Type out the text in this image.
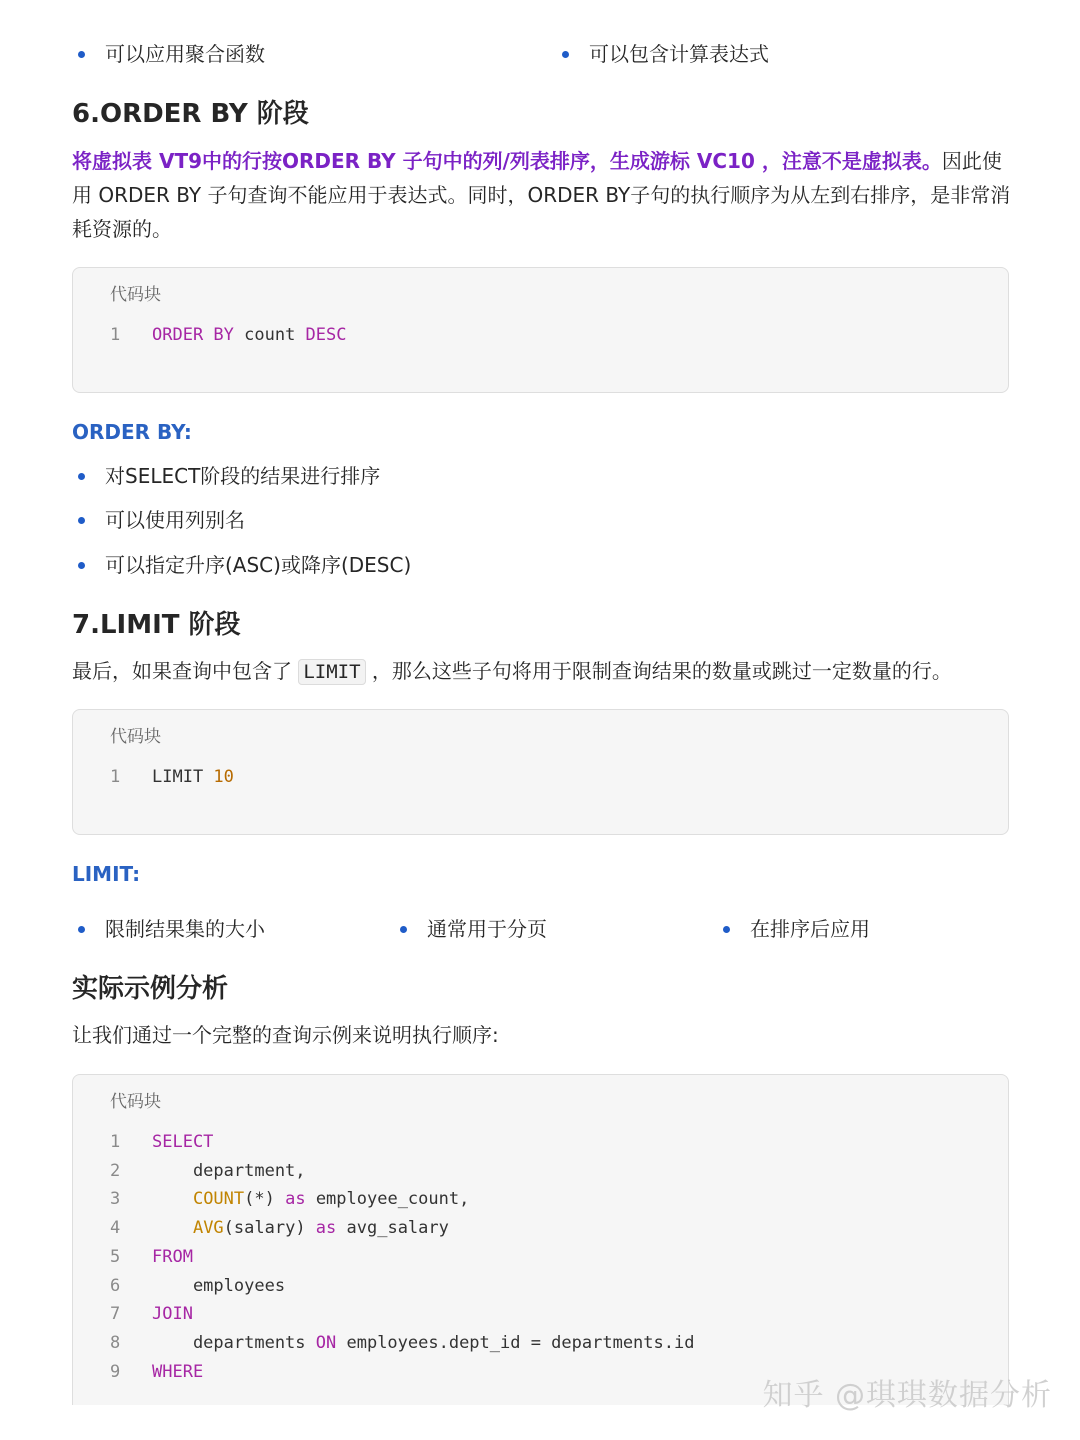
可以应用聚合函数	可以包含计算表达式
6.ORDER BY 阶段
将虚拟表 VT9中的行按ORDER BY 子句中的列/列表排序，生成游标 VC10 ，注意不是虚拟表。因此使用 ORDER BY 子句查询不能应用于表达式。同时，ORDER BY子句的执行顺序为从左到右排序，是非常消耗资源的。
代码块
1 ORDER BY count DESC
ORDER BY:
对SELECT阶段的结果进行排序
可以使用列别名
可以指定升序(ASC)或降序(DESC)
7.LIMIT 阶段
最后，如果查询中包含了 LIMIT ，那么这些子句将用于限制查询结果的数量或跳过一定数量的行。
代码块
1 LIMIT 10
LIMIT:
限制结果集的大小	通常用于分页	在排序后应用
实际示例分析
让我们通过一个完整的查询示例来说明执行顺序:
代码块
1 SELECT
2    department,
3	COUNT(*) as employee_count,
4	AVG(salary) as avg_salary
5 FROM
6    employees
7 JOIN
8    departments ON employees.dept_id = departments.id
9 WHERE
知乎 @琪琪数据分析
